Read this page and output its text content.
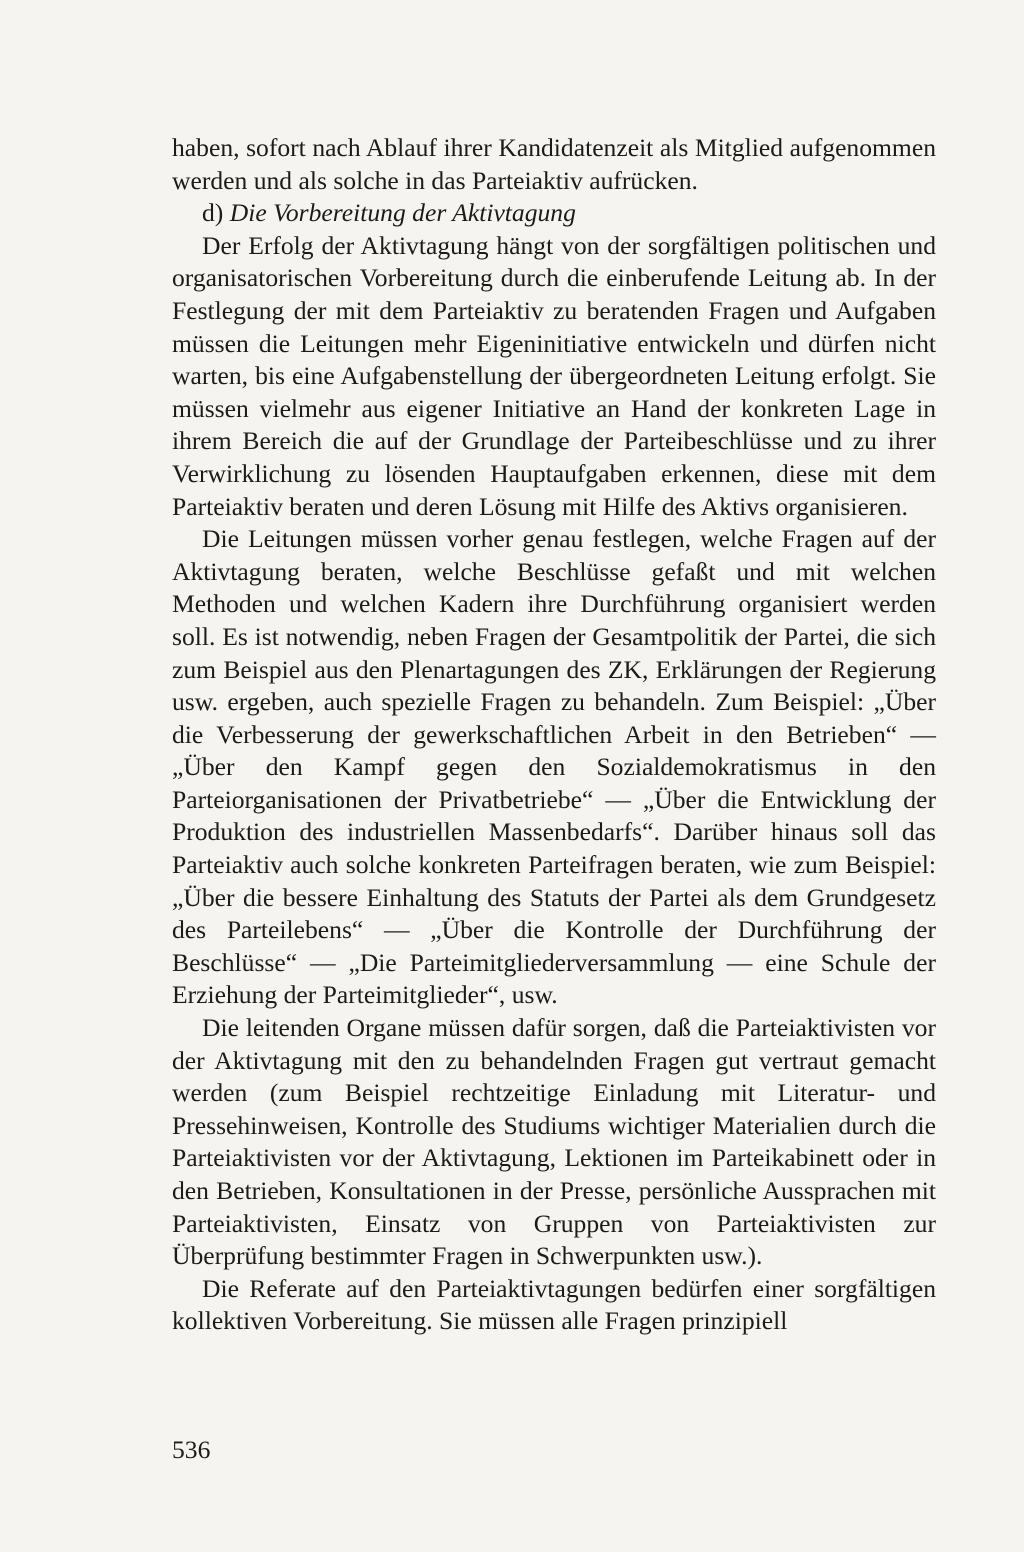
haben, sofort nach Ablauf ihrer Kandidatenzeit als Mitglied aufgenommen werden und als solche in das Parteiaktiv aufrücken.

d) Die Vorbereitung der Aktivtagung

Der Erfolg der Aktivtagung hängt von der sorgfältigen politischen und organisatorischen Vorbereitung durch die einberufende Leitung ab. In der Festlegung der mit dem Parteiaktiv zu beratenden Fragen und Aufgaben müssen die Leitungen mehr Eigeninitiative entwickeln und dürfen nicht warten, bis eine Aufgabenstellung der übergeordneten Leitung erfolgt. Sie müssen vielmehr aus eigener Initiative an Hand der konkreten Lage in ihrem Bereich die auf der Grundlage der Parteibeschlüsse und zu ihrer Verwirklichung zu lösenden Hauptaufgaben erkennen, diese mit dem Parteiaktiv beraten und deren Lösung mit Hilfe des Aktivs organisieren.

Die Leitungen müssen vorher genau festlegen, welche Fragen auf der Aktivtagung beraten, welche Beschlüsse gefaßt und mit welchen Methoden und welchen Kadern ihre Durchführung organisiert werden soll. Es ist notwendig, neben Fragen der Gesamtpolitik der Partei, die sich zum Beispiel aus den Plenartagungen des ZK, Erklärungen der Regierung usw. ergeben, auch spezielle Fragen zu behandeln. Zum Beispiel: „Über die Verbesserung der gewerkschaftlichen Arbeit in den Betrieben“ — „Über den Kampf gegen den Sozialdemokratismus in den Parteiorganisationen der Privatbetriebe“ — „Über die Entwicklung der Produktion des industriellen Massenbedarfs“. Darüber hinaus soll das Parteiaktiv auch solche konkreten Parteifragen beraten, wie zum Beispiel: „Über die bessere Einhaltung des Statuts der Partei als dem Grundgesetz des Parteilebens“ — „Über die Kontrolle der Durchführung der Beschlüsse“ — „Die Parteimitgliederversammlung — eine Schule der Erziehung der Parteimitglieder“, usw.

Die leitenden Organe müssen dafür sorgen, daß die Parteiaktivisten vor der Aktivtagung mit den zu behandelnden Fragen gut vertraut gemacht werden (zum Beispiel rechtzeitige Einladung mit Literatur- und Pressehinweisen, Kontrolle des Studiums wichtiger Materialien durch die Parteiaktivisten vor der Aktivtagung, Lektionen im Parteikabinett oder in den Betrieben, Konsultationen in der Presse, persönliche Aussprachen mit Parteiaktivisten, Einsatz von Gruppen von Parteiaktivisten zur Überprüfung bestimmter Fragen in Schwerpunkten usw.).

Die Referate auf den Parteiaktivtagungen bedürfen einer sorgfältigen kollektiven Vorbereitung. Sie müssen alle Fragen prinzipiell

536
